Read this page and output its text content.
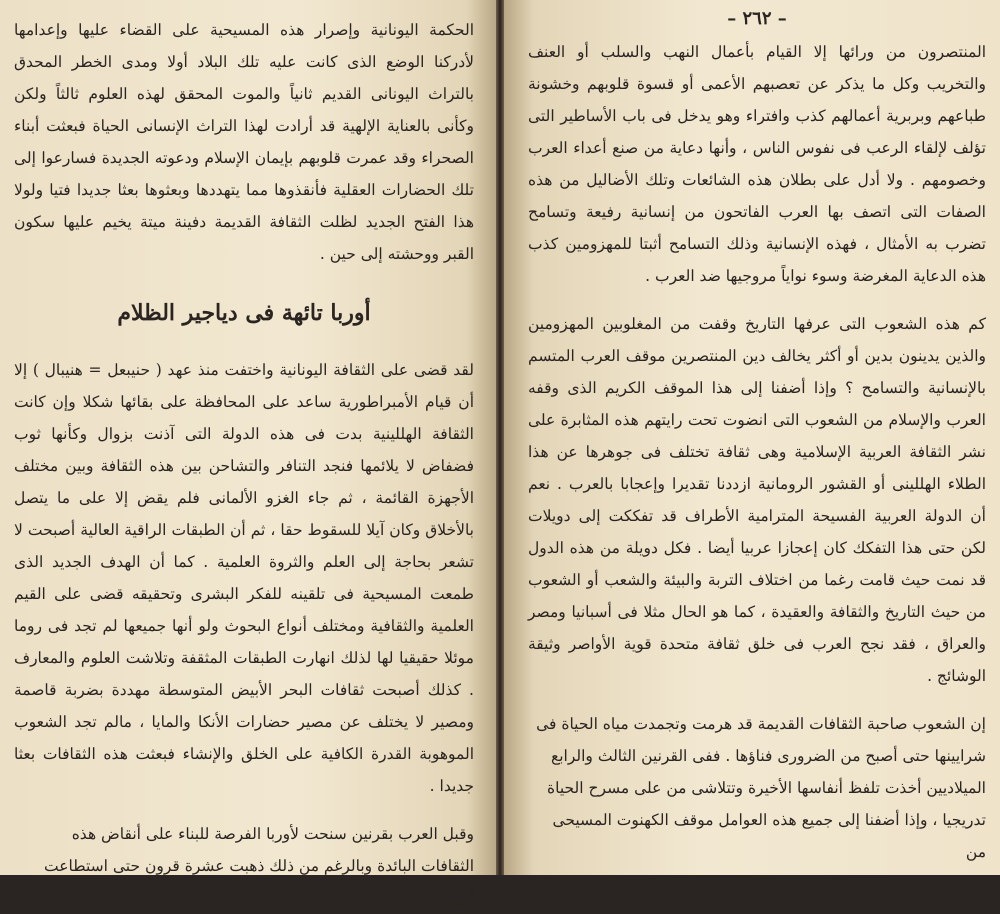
الحكمة اليونانية وإصرار هذه المسيحية على القضاء عليها وإعدامها لأدركنا الوضع الذى كانت عليه تلك البلاد أولا ومدى الخطر المحدق بالتراث اليونانى القديم ثانياً والموت المحقق لهذه العلوم ثالثاً ولكن وكأنى بالعناية الإلهية قد أرادت لهذا التراث الإنسانى الحياة فبعثت أبناء الصحراء وقد عمرت قلوبهم بإيمان الإسلام ودعوته الجديدة فسارعوا إلى تلك الحضارات العقلية فأنقذوها مما يتهددها وبعثوها بعثا جديدا فتيا ولولا هذا الفتح الجديد لظلت الثقافة القديمة دفينة ميتة يخيم عليها سكون القبر ووحشته إلى حين .

أوربا تائهة فى دياجير الظلام

لقد قضى على الثقافة اليونانية واختفت منذ عهد ( حنيبعل = هنيبال ) إلا أن قيام الأمبراطورية ساعد على المحافظة على بقائها شكلا وإن كانت الثقافة الهللينية بدت فى هذه الدولة التى آذنت بزوال وكأنها ثوب فضفاض لا يلائمها فنجد التنافر والتشاحن بين هذه الثقافة وبين مختلف الأجهزة القائمة ، ثم جاء الغزو الألمانى فلم يقض إلا على ما يتصل بالأخلاق وكان آيلا للسقوط حقا ، ثم أن الطبقات الراقية العالية أصبحت لا تشعر بحاجة إلى العلم والثروة العلمية . كما أن الهدف الجديد الذى طمعت المسيحية فى تلقينه للفكر البشرى وتحقيقه قضى على القيم العلمية والثقافية ومختلف أنواع البحوث ولو أنها جميعها لم تجد فى روما موئلا حقيقيا لها لذلك انهارت الطبقات المثقفة وتلاشت العلوم والمعارف . كذلك أصبحت ثقافات البحر الأبيض المتوسطة مهددة بضربة قاصمة ومصير لا يختلف عن مصير حضارات الأنكا والمايا ، مالم تجد الشعوب الموهوبة القدرة الكافية على الخلق والإنشاء فبعثت هذه الثقافات بعثا جديدا .

وقبل العرب بقرنين سنحت لأوربا الفرصة للبناء على أنقاض هذه الثقافات البائدة وبالرغم من ذلك ذهبت عشرة قرون حتى استطاعت أوربا

– ٢٦٢ –

المنتصرون من ورائها إلا القيام بأعمال النهب والسلب أو العنف والتخريب وكل ما يذكر عن تعصبهم الأعمى أو قسوة قلوبهم وخشونة طباعهم وبربرية أعمالهم كذب وافتراء وهو يدخل فى باب الأساطير التى تؤلف لإلقاء الرعب فى نفوس الناس ، وأنها دعاية من صنع أعداء العرب وخصومهم . ولا أدل على بطلان هذه الشائعات وتلك الأضاليل من هذه الصفات التى اتصف بها العرب الفاتحون من إنسانية رفيعة وتسامح تضرب به الأمثال ، فهذه الإنسانية وذلك التسامح أثبتا للمهزومين كذب هذه الدعاية المغرضة وسوء نواياً مروجيها ضد العرب .

كم هذه الشعوب التى عرفها التاريخ وقفت من المغلوبين المهزومين والذين يدينون بدين أو أكثر يخالف دين المنتصرين موقف العرب المتسم بالإنسانية والتسامح ؟ وإذا أضفنا إلى هذا الموقف الكريم الذى وقفه العرب والإسلام من الشعوب التى انضوت تحت رايتهم هذه المثابرة على نشر الثقافة العربية الإسلامية وهى ثقافة تختلف فى جوهرها عن هذا الطلاء الهللينى أو القشور الرومانية ازددنا تقديرا وإعجابا بالعرب . نعم أن الدولة العربية الفسيحة المترامية الأطراف قد تفككت إلى دويلات لكن حتى هذا التفكك كان إعجازا عربيا أيضا . فكل دويلة من هذه الدول قد نمت حيث قامت رغما من اختلاف التربة والبيئة والشعب أو الشعوب من حيث التاريخ والثقافة والعقيدة ، كما هو الحال مثلا فى أسبانيا ومصر والعراق ، فقد نجح العرب فى خلق ثقافة متحدة قوية الأواصر وثيقة الوشائج .

إن الشعوب صاحبة الثقافات القديمة قد هرمت وتجمدت مياه الحياة فى شرايينها حتى أصبح من الضرورى فناؤها . ففى القرنين الثالث والرابع الميلاديين أخذت تلفظ أنفاسها الأخيرة وتتلاشى من على مسرح الحياة تدريجيا ، وإذا أضفنا إلى جميع هذه العوامل موقف الكهنوت المسيحى من
